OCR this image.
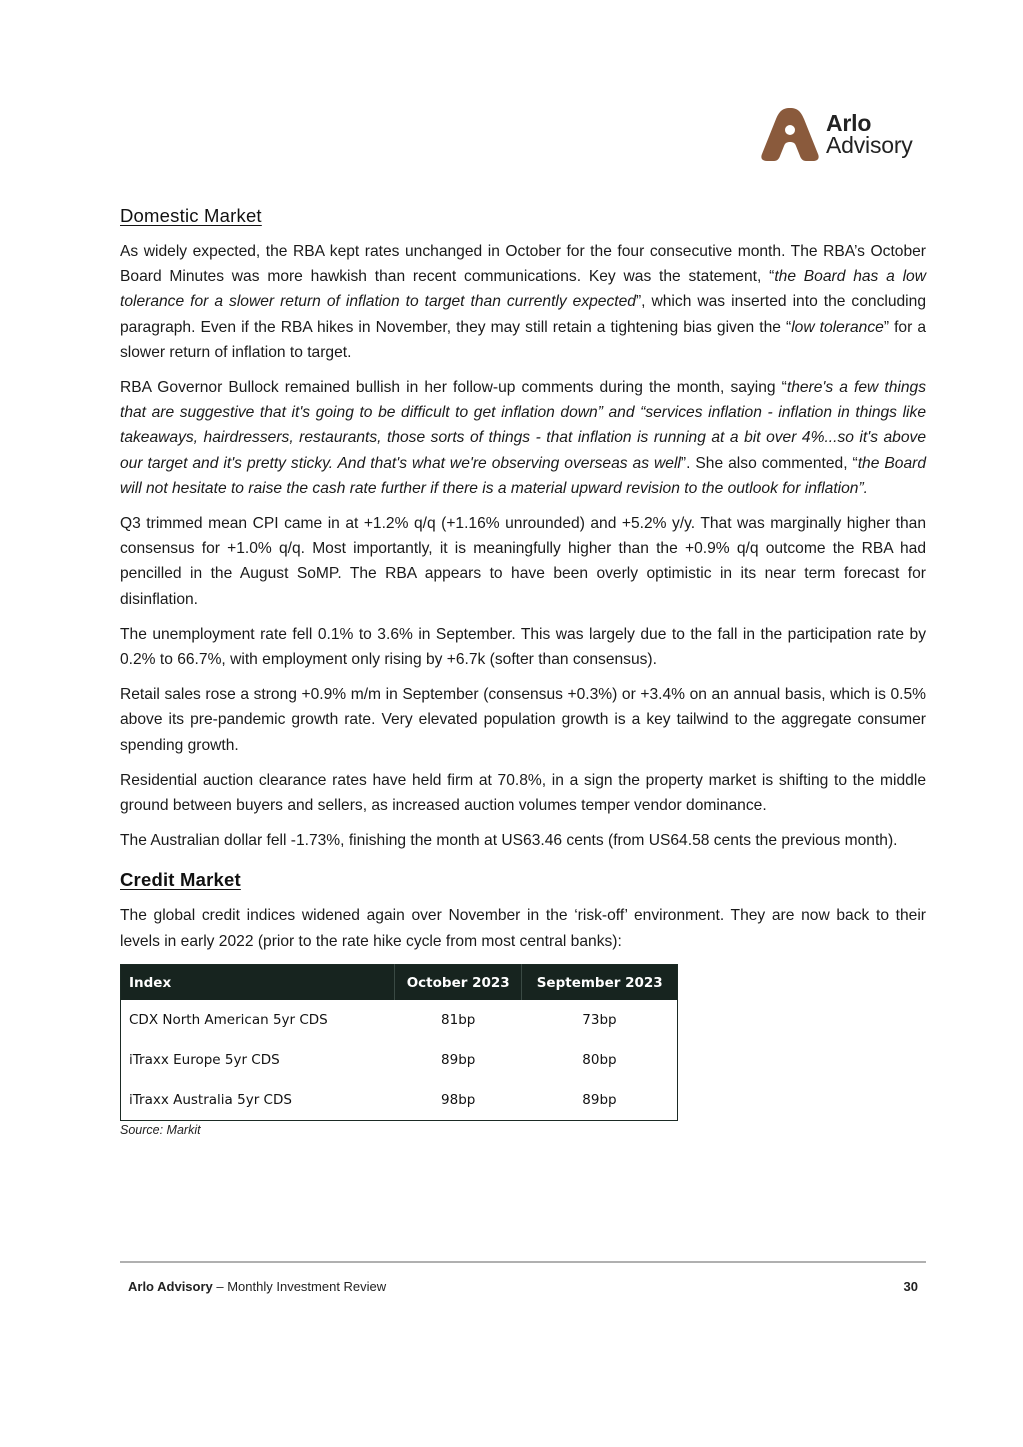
Arlo
Advisory
Domestic Market

As widely expected, the RBA kept rates unchanged in October for the four consecutive month. The RBA’s October Board Minutes was more hawkish than recent communications. Key was the statement, “the Board has a low tolerance for a slower return of inflation to target than currently expected”, which was inserted into the concluding paragraph. Even if the RBA hikes in November, they may still retain a tightening bias given the “low tolerance” for a slower return of inflation to target.

RBA Governor Bullock remained bullish in her follow-up comments during the month, saying “there's a few things that are suggestive that it's going to be difficult to get inflation down” and “services inflation - inflation in things like takeaways, hairdressers, restaurants, those sorts of things - that inflation is running at a bit over 4%...so it's above our target and it's pretty sticky. And that's what we're observing overseas as well”. She also commented, “the Board will not hesitate to raise the cash rate further if there is a material upward revision to the outlook for inflation”.

Q3 trimmed mean CPI came in at +1.2% q/q (+1.16% unrounded) and +5.2% y/y. That was marginally higher than consensus for +1.0% q/q. Most importantly, it is meaningfully higher than the +0.9% q/q outcome the RBA had pencilled in the August SoMP. The RBA appears to have been overly optimistic in its near term forecast for disinflation.

The unemployment rate fell 0.1% to 3.6% in September. This was largely due to the fall in the participation rate by 0.2% to 66.7%, with employment only rising by +6.7k (softer than consensus).

Retail sales rose a strong +0.9% m/m in September (consensus +0.3%) or +3.4% on an annual basis, which is 0.5% above its pre-pandemic growth rate. Very elevated population growth is a key tailwind to the aggregate consumer spending growth.

Residential auction clearance rates have held firm at 70.8%, in a sign the property market is shifting to the middle ground between buyers and sellers, as increased auction volumes temper vendor dominance.

The Australian dollar fell -1.73%, finishing the month at US63.46 cents (from US64.58 cents the previous month).

Credit Market

The global credit indices widened again over November in the ‘risk-off’ environment. They are now back to their levels in early 2022 (prior to the rate hike cycle from most central banks):

Index	October 2023	September 2023
CDX North American 5yr CDS	81bp	73bp
iTraxx Europe 5yr CDS	89bp	80bp
iTraxx Australia 5yr CDS	98bp	89bp
Source: Markit
Arlo Advisory – Monthly Investment Review	30
